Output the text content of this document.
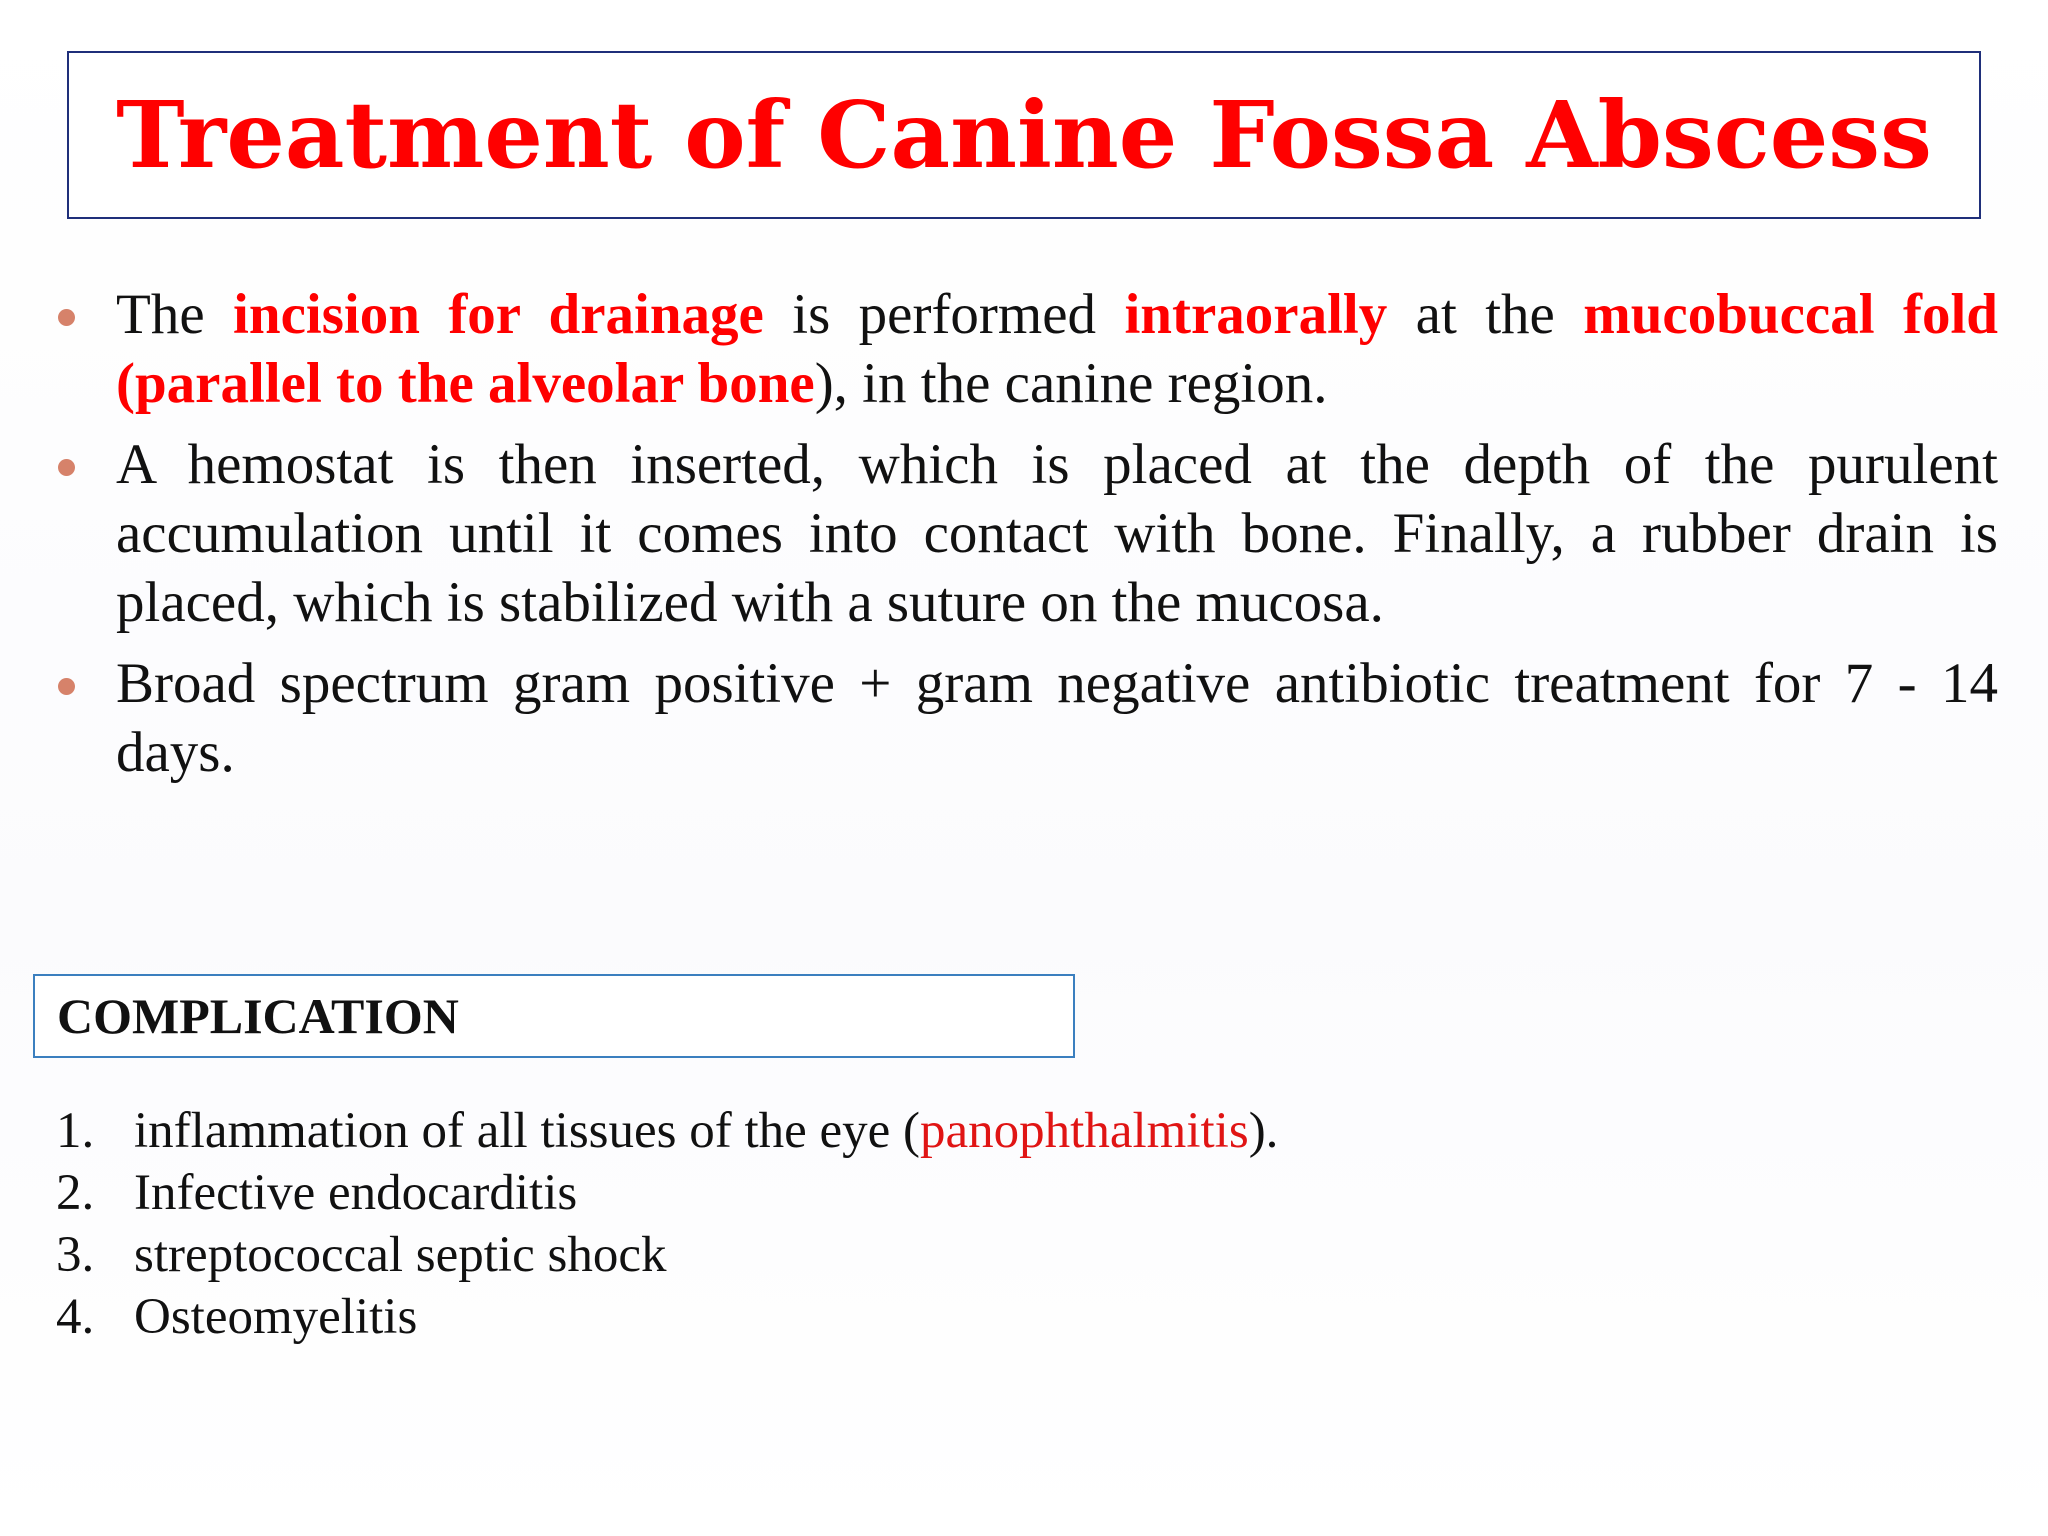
Treatment of Canine Fossa Abscess
The incision for drainage is performed intraorally at the mucobuccal fold (parallel to the alveolar bone), in the canine region.
A hemostat is then inserted, which is placed at the depth of the purulent accumulation until it comes into contact with bone. Finally, a rubber drain is placed, which is stabilized with a suture on the mucosa.
Broad spectrum gram positive + gram negative antibiotic treatment for 7 - 14 days.
COMPLICATION
1. inflammation of all tissues of the eye (panophthalmitis).
2. Infective endocarditis
3. streptococcal septic shock
4. Osteomyelitis
